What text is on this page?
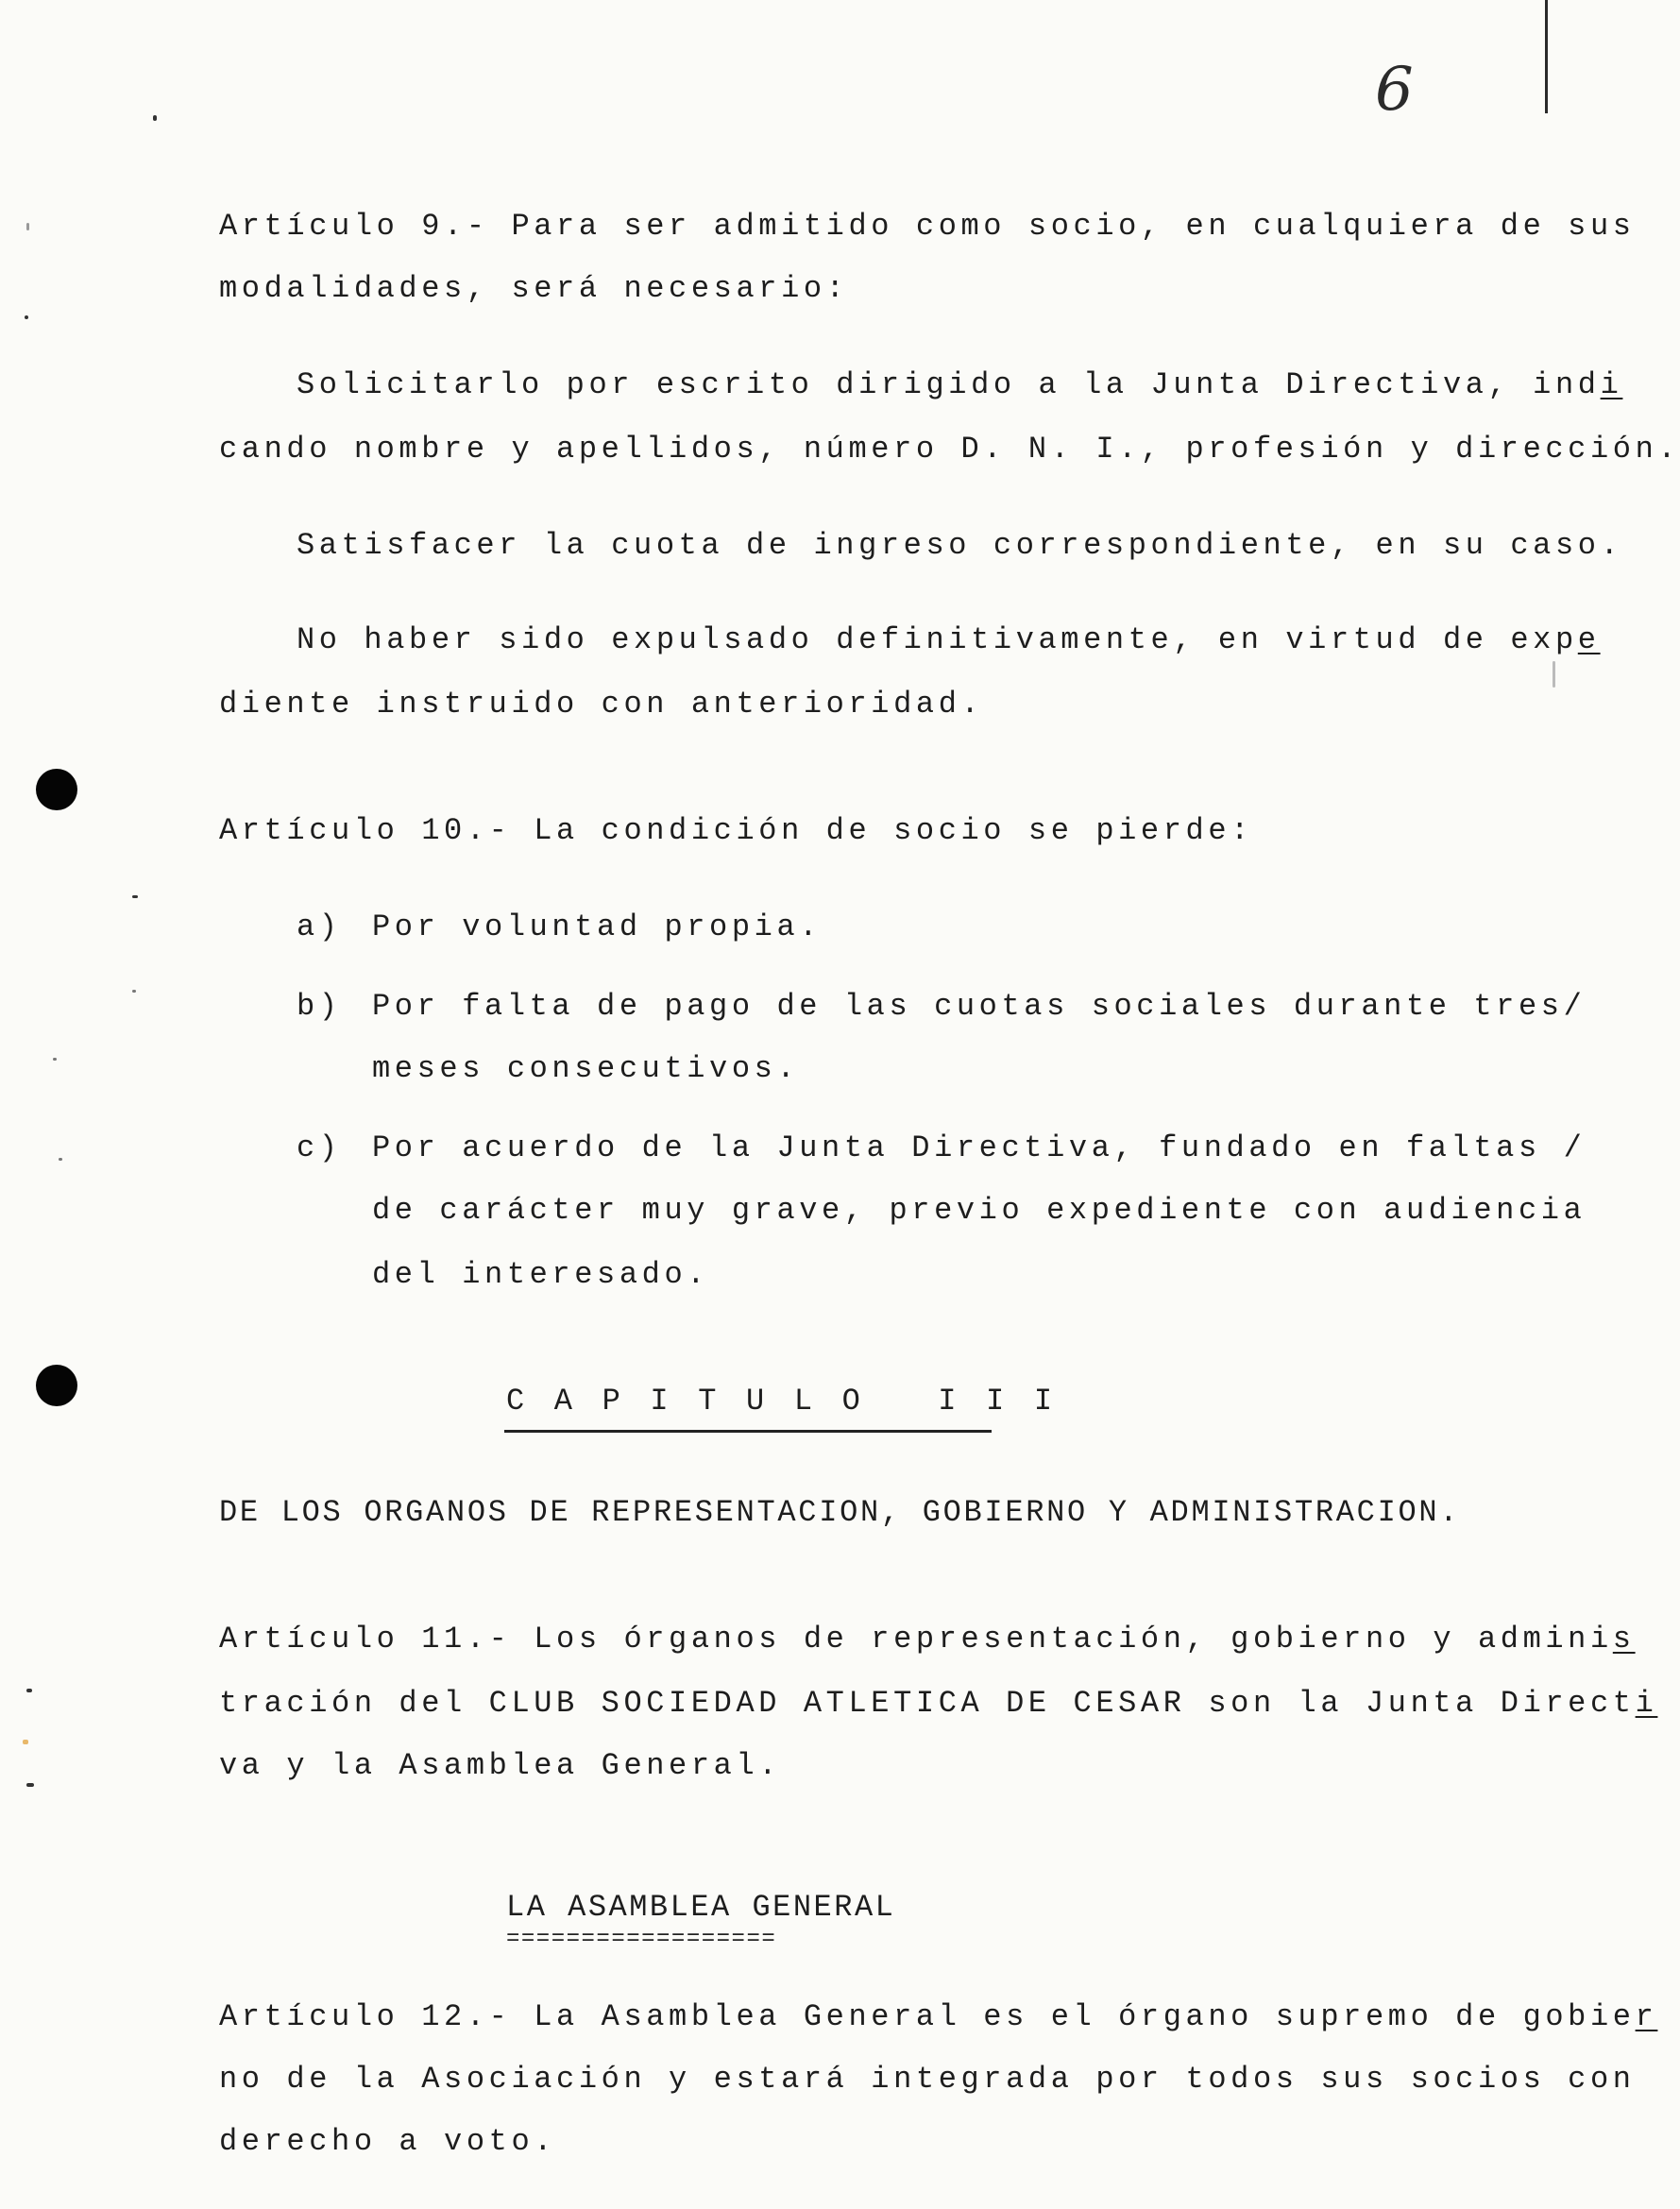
6
Artículo 9.- Para ser admitido como socio, en cualquiera de sus
modalidades, será necesario:
Solicitarlo por escrito dirigido a la Junta Directiva, indi
cando nombre y apellidos, número D. N. I., profesión y dirección.
Satisfacer la cuota de ingreso correspondiente, en su caso.
No haber sido expulsado definitivamente, en virtud de expe
diente instruido con anterioridad.
Artículo 10.- La condición de socio se pierde:
a) Por voluntad propia.
b) Por falta de pago de las cuotas sociales durante tres/
meses consecutivos.
c) Por acuerdo de la Junta Directiva, fundado en faltas /
de carácter muy grave, previo expediente con audiencia
del interesado.
C A P I T U L O   I I I
DE LOS ORGANOS DE REPRESENTACION, GOBIERNO Y ADMINISTRACION.
Artículo 11.- Los órganos de representación, gobierno y adminis
tración del CLUB SOCIEDAD ATLETICA DE CESAR son la Junta Directi
va y la Asamblea General.
LA ASAMBLEA GENERAL
==================
Artículo 12.- La Asamblea General es el órgano supremo de gobier
no de la Asociación y estará integrada por todos sus socios con
derecho a voto.
